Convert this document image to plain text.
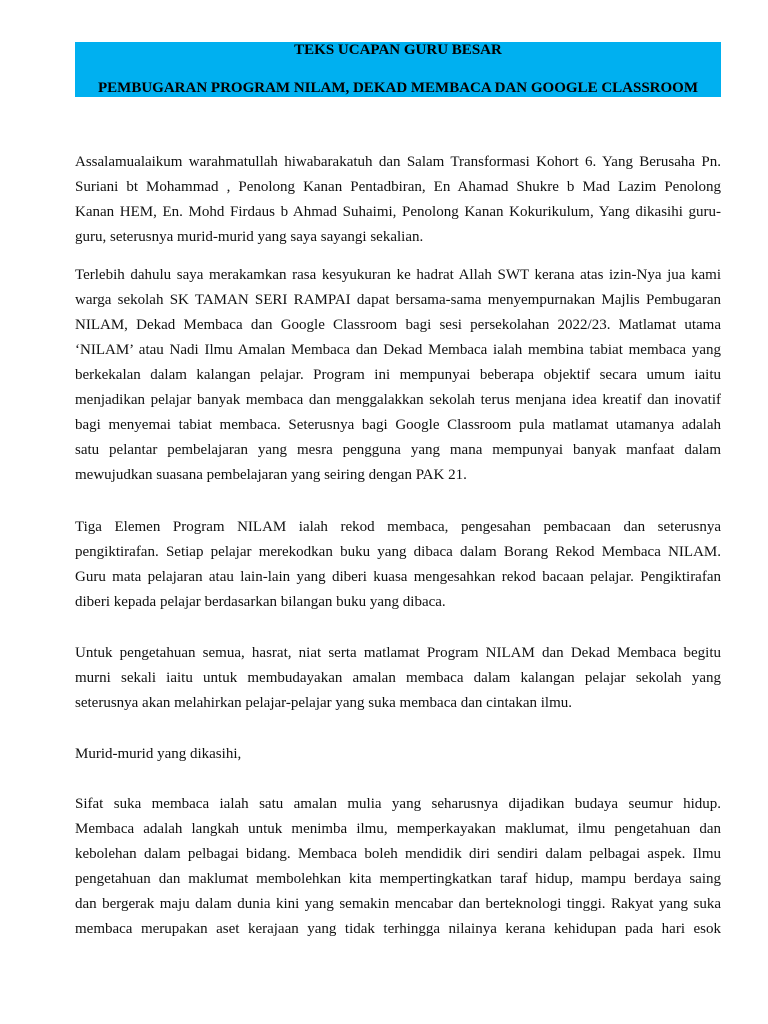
TEKS UCAPAN GURU BESAR
PEMBUGARAN PROGRAM NILAM, DEKAD MEMBACA DAN GOOGLE CLASSROOM
Assalamualaikum warahmatullah hiwabarakatuh dan Salam Transformasi Kohort 6. Yang Berusaha Pn.
Suriani bt Mohammad , Penolong Kanan Pentadbiran, En Ahamad Shukre b Mad Lazim Penolong
Kanan HEM, En. Mohd Firdaus b Ahmad Suhaimi, Penolong Kanan Kokurikulum, Yang dikasihi guru-
guru, seterusnya murid-murid yang saya sayangi sekalian.
Terlebih dahulu saya merakamkan rasa kesyukuran ke hadrat Allah SWT kerana atas izin-Nya jua kami
warga sekolah SK TAMAN SERI RAMPAI dapat bersama-sama menyempurnakan Majlis Pembugaran
NILAM, Dekad Membaca dan Google Classroom bagi sesi persekolahan 2022/23. Matlamat utama
‘NILAM’ atau Nadi Ilmu Amalan Membaca dan Dekad Membaca ialah membina tabiat membaca yang
berkekalan dalam kalangan pelajar. Program ini mempunyai beberapa objektif secara umum iaitu
menjadikan pelajar banyak membaca dan menggalakkan sekolah terus menjana idea kreatif dan inovatif
bagi menyemai tabiat membaca. Seterusnya bagi Google Classroom pula matlamat utamanya adalah
satu pelantar pembelajaran yang mesra pengguna yang mana mempunyai banyak manfaat dalam
mewujudkan suasana pembelajaran yang seiring dengan PAK 21.
Tiga Elemen Program NILAM ialah rekod membaca, pengesahan pembacaan dan seterusnya
pengiktirafan. Setiap pelajar merekodkan buku yang dibaca dalam Borang Rekod Membaca NILAM.
Guru mata pelajaran atau lain-lain yang diberi kuasa mengesahkan rekod bacaan pelajar. Pengiktirafan
diberi kepada pelajar berdasarkan bilangan buku yang dibaca.
Untuk pengetahuan semua, hasrat, niat serta matlamat Program NILAM dan Dekad Membaca begitu
murni sekali iaitu untuk membudayakan amalan membaca dalam kalangan pelajar sekolah yang
seterusnya akan melahirkan pelajar-pelajar yang suka membaca dan cintakan ilmu.
Murid-murid yang dikasihi,
Sifat suka membaca ialah satu amalan mulia yang seharusnya dijadikan budaya seumur hidup.
Membaca adalah langkah untuk menimba ilmu, memperkayakan maklumat, ilmu pengetahuan dan
kebolehan dalam pelbagai bidang. Membaca boleh mendidik diri sendiri dalam pelbagai aspek. Ilmu
pengetahuan dan maklumat membolehkan kita mempertingkatkan taraf hidup, mampu berdaya saing
dan bergerak maju dalam dunia kini yang semakin mencabar dan berteknologi tinggi. Rakyat yang suka
membaca merupakan aset kerajaan yang tidak terhingga nilainya kerana kehidupan pada hari esok
